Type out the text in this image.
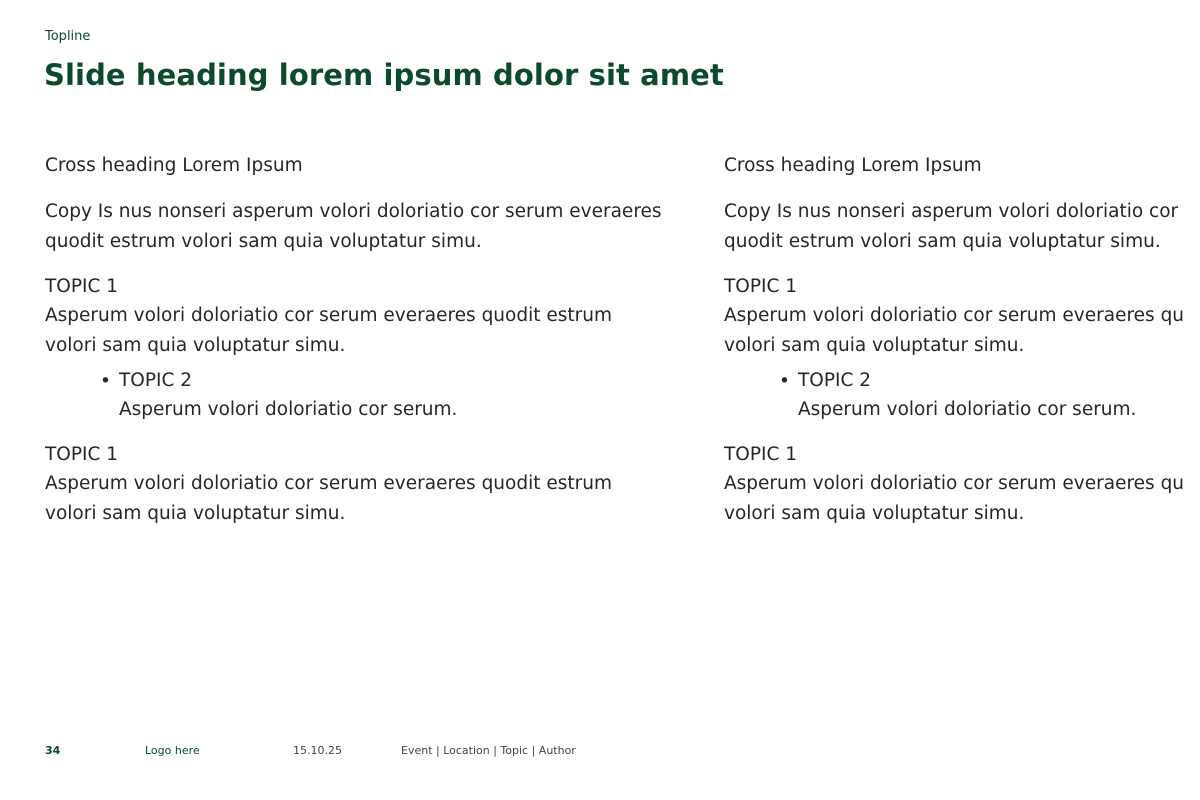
Topline
Slide heading lorem ipsum dolor sit amet

Cross heading Lorem Ipsum

Copy Is nus nonseri asperum volori doloriatio cor serum everaeres
quodit estrum volori sam quia voluptatur simu.

TOPIC 1

Asperum volori doloriatio cor serum everaeres quodit estrum
volori sam quia voluptatur simu.

• TOPIC 2
Asperum volori doloriatio cor serum.
TOPIC 1

Asperum volori doloriatio cor serum everaeres quodit estrum
volori sam quia voluptatur simu.

Cross heading Lorem Ipsum

Copy Is nus nonseri asperum volori doloriatio cor
quodit estrum volori sam quia voluptatur simu.

TOPIC 1

Asperum volori doloriatio cor serum everaeres qu
volori sam quia voluptatur simu.

• TOPIC 2
Asperum volori doloriatio cor serum.
TOPIC 1

Asperum volori doloriatio cor serum everaeres qu
volori sam quia voluptatur simu.

34	Logo here	15.10.25	Event | Location | Topic | Author
